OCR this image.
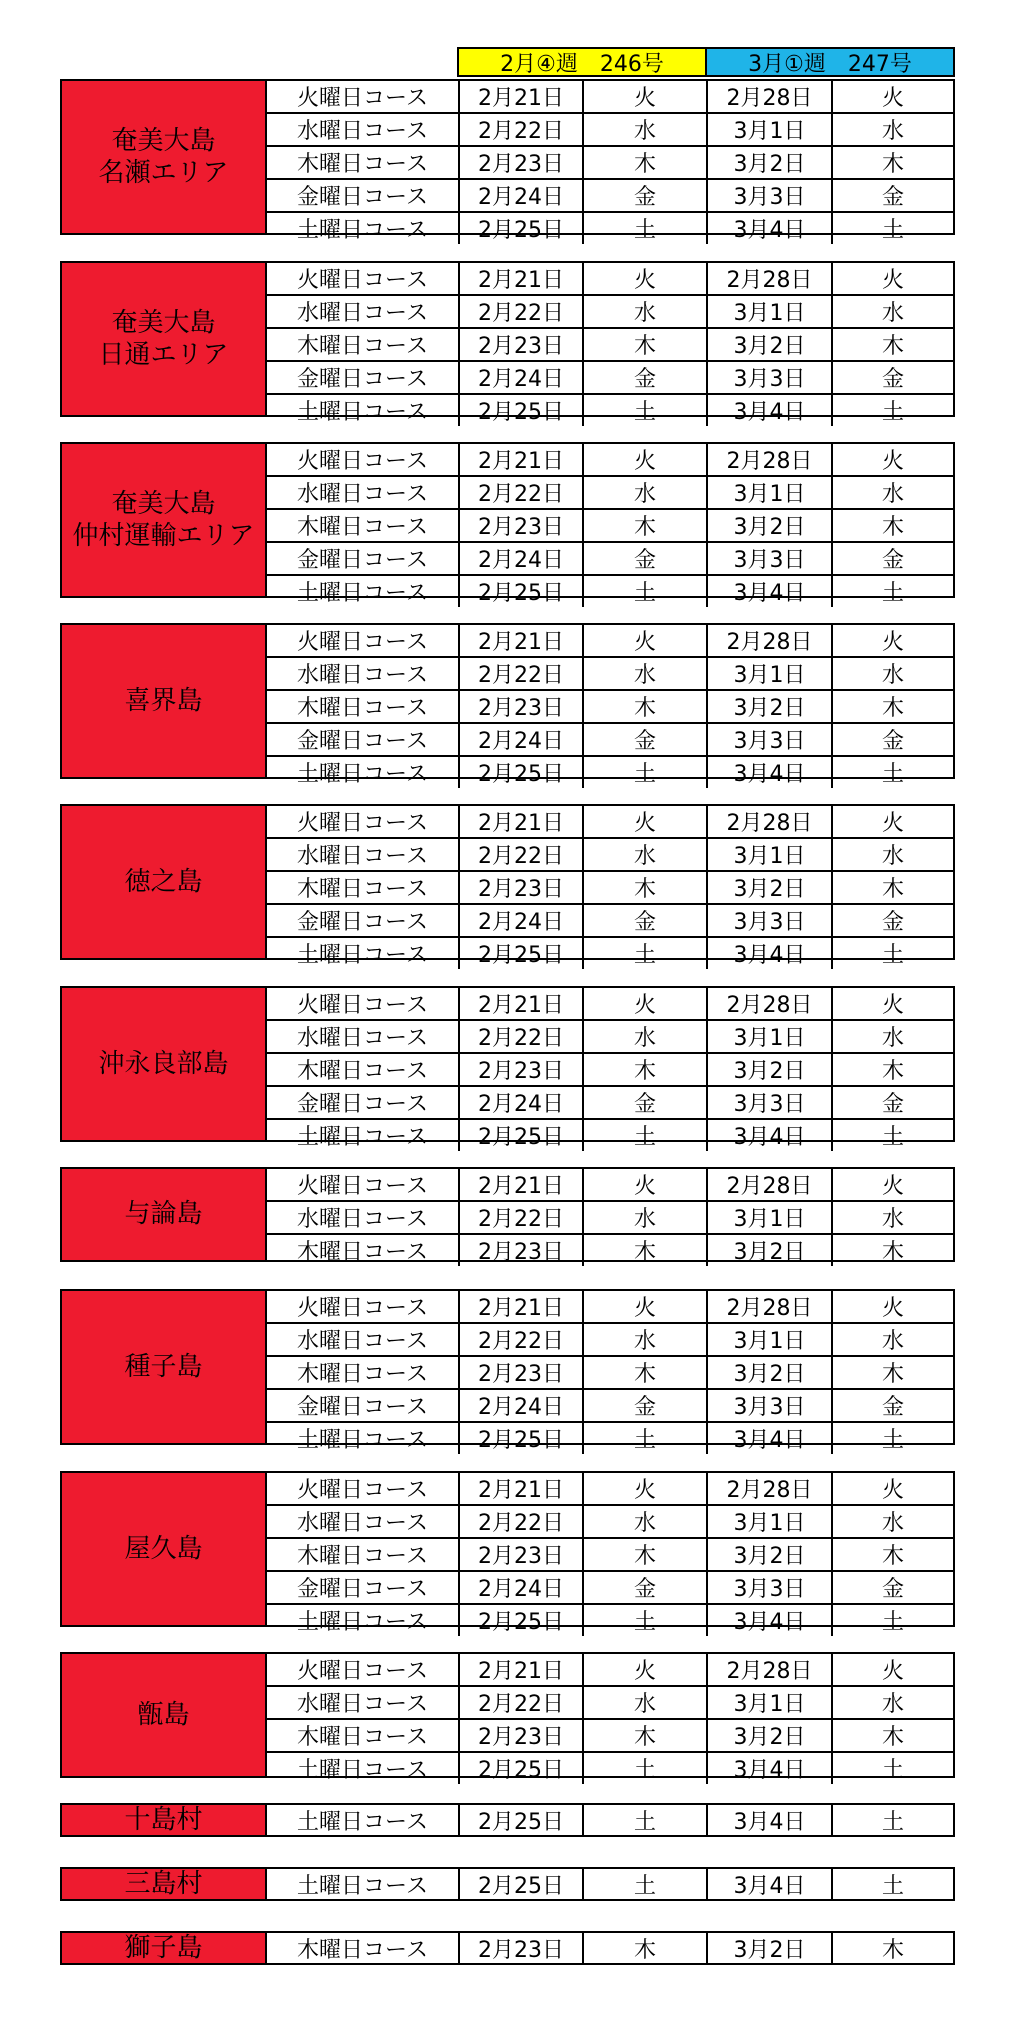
2月④週　246号	3月①週　247号
奄美大島
名瀬エリア
火曜日コース	2月21日	火	2月28日	火
水曜日コース	2月22日	水	3月1日	水
木曜日コース	2月23日	木	3月2日	木
金曜日コース	2月24日	金	3月3日	金
土曜日コース	2月25日	土	3月4日	土
奄美大島
日通エリア
火曜日コース	2月21日	火	2月28日	火
水曜日コース	2月22日	水	3月1日	水
木曜日コース	2月23日	木	3月2日	木
金曜日コース	2月24日	金	3月3日	金
土曜日コース	2月25日	土	3月4日	土
奄美大島
仲村運輸エリア
火曜日コース	2月21日	火	2月28日	火
水曜日コース	2月22日	水	3月1日	水
木曜日コース	2月23日	木	3月2日	木
金曜日コース	2月24日	金	3月3日	金
土曜日コース	2月25日	土	3月4日	土
喜界島
火曜日コース	2月21日	火	2月28日	火
水曜日コース	2月22日	水	3月1日	水
木曜日コース	2月23日	木	3月2日	木
金曜日コース	2月24日	金	3月3日	金
土曜日コース	2月25日	土	3月4日	土
徳之島
火曜日コース	2月21日	火	2月28日	火
水曜日コース	2月22日	水	3月1日	水
木曜日コース	2月23日	木	3月2日	木
金曜日コース	2月24日	金	3月3日	金
土曜日コース	2月25日	土	3月4日	土
沖永良部島
火曜日コース	2月21日	火	2月28日	火
水曜日コース	2月22日	水	3月1日	水
木曜日コース	2月23日	木	3月2日	木
金曜日コース	2月24日	金	3月3日	金
土曜日コース	2月25日	土	3月4日	土
与論島
火曜日コース	2月21日	火	2月28日	火
水曜日コース	2月22日	水	3月1日	水
木曜日コース	2月23日	木	3月2日	木
種子島
火曜日コース	2月21日	火	2月28日	火
水曜日コース	2月22日	水	3月1日	水
木曜日コース	2月23日	木	3月2日	木
金曜日コース	2月24日	金	3月3日	金
土曜日コース	2月25日	土	3月4日	土
屋久島
火曜日コース	2月21日	火	2月28日	火
水曜日コース	2月22日	水	3月1日	水
木曜日コース	2月23日	木	3月2日	木
金曜日コース	2月24日	金	3月3日	金
土曜日コース	2月25日	土	3月4日	土
甑島
火曜日コース	2月21日	火	2月28日	火
水曜日コース	2月22日	水	3月1日	水
木曜日コース	2月23日	木	3月2日	木
土曜日コース	2月25日	土	3月4日	土
十島村	土曜日コース	2月25日	土	3月4日	土
三島村	土曜日コース	2月25日	土	3月4日	土
獅子島	木曜日コース	2月23日	木	3月2日	木
